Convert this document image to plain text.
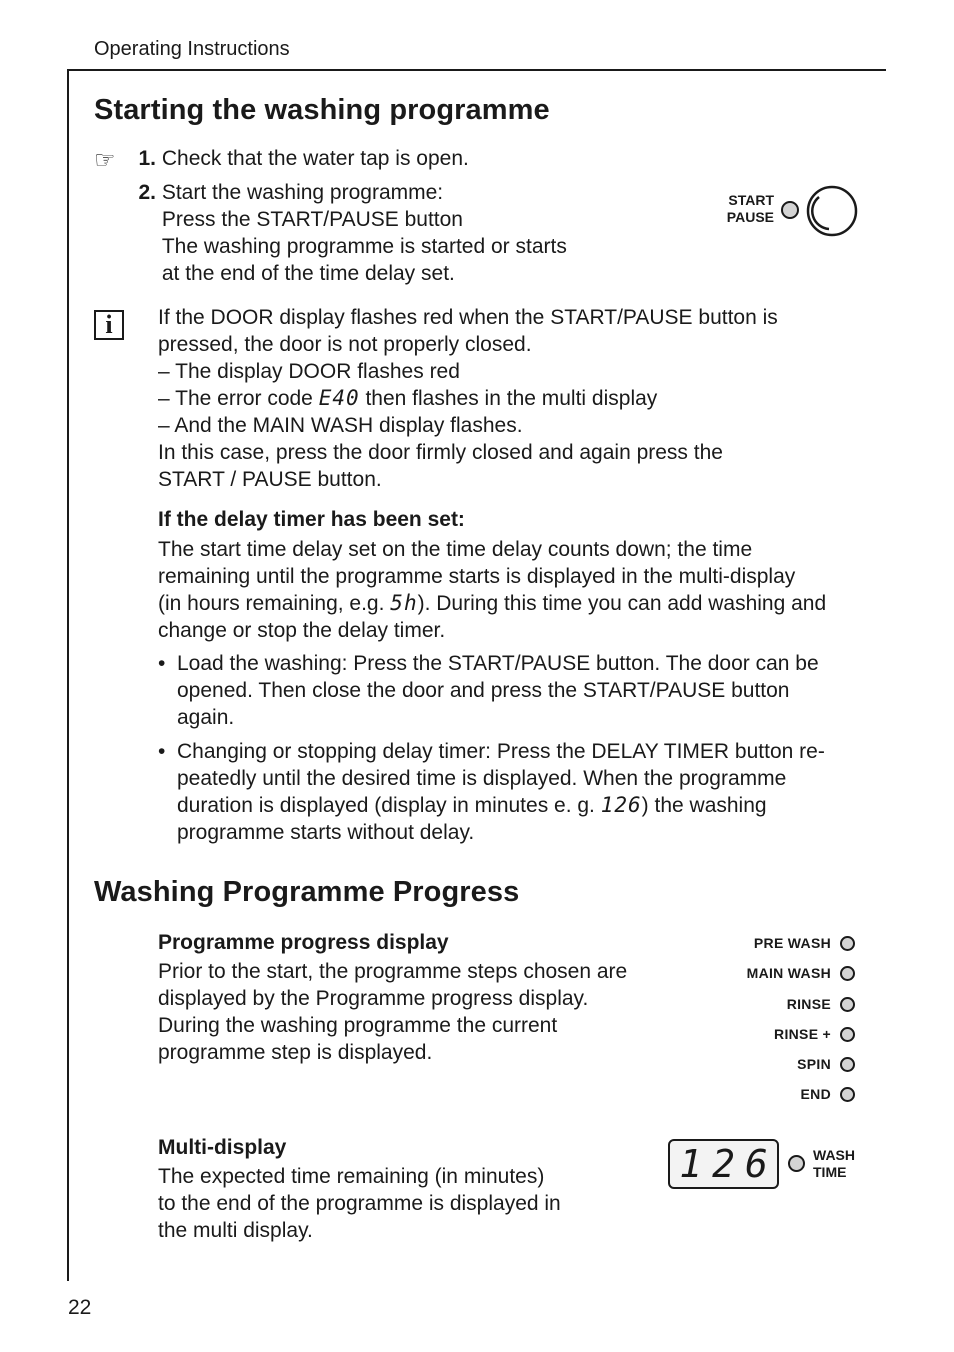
Operating Instructions
Starting the washing programme
☞	1. Check that the water tap is open.
2. Start the washing programme:
Press the START/PAUSE button
The washing programme is started or starts
at the end of the time delay set.
START
PAUSE
i	If the DOOR display flashes red when the START/PAUSE button is
pressed, the door is not properly closed.
– The display DOOR flashes red
– The error code E40 then flashes in the multi display
– And the MAIN WASH display flashes.
In this case, press the door firmly closed and again press the
START / PAUSE button.
If the delay timer has been set:
The start time delay set on the time delay counts down; the time
remaining until the programme starts is displayed in the multi-display
(in hours remaining, e.g. 5h). During this time you can add washing and
change or stop the delay timer.
• Load the washing: Press the START/PAUSE button. The door can be
opened. Then close the door and press the START/PAUSE button
again.
• Changing or stopping delay timer: Press the DELAY TIMER button re-
peatedly until the desired time is displayed. When the programme
duration is displayed (display in minutes e. g. 126) the washing
programme starts without delay.
Washing Programme Progress
Programme progress display
Prior to the start, the programme steps chosen are
displayed by the Programme progress display.
During the washing programme the current
programme step is displayed.
PRE WASH
MAIN WASH
RINSE
RINSE +
SPIN
END
Multi-display
The expected time remaining (in minutes)
to the end of the programme is displayed in
the multi display.
126	WASH
TIME
22
